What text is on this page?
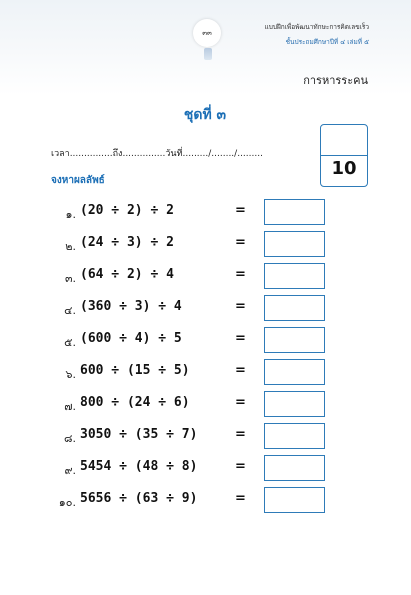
๓๓
แบบฝึกเพื่อพัฒนาทักษะการคิดเลขเร็ว
ชั้นประถมศึกษาปีที่ ๔ เล่มที่ ๕
การหารระคน
ชุดที่ ๓
เวลา...............ถึง...............วันที่........./......../.........
10
จงหาผลลัพธ์
๑. (20 ÷ 2) ÷ 2	=
๒. (24 ÷ 3) ÷ 2	=
๓. (64 ÷ 2) ÷ 4	=
๔. (360 ÷ 3) ÷ 4	=
๕. (600 ÷ 4) ÷ 5	=
๖. 600 ÷ (15 ÷ 5)	=
๗. 800 ÷ (24 ÷ 6)	=
๘. 3050 ÷ (35 ÷ 7)	=
๙. 5454 ÷ (48 ÷ 8)	=
๑๐. 5656 ÷ (63 ÷ 9)	=
